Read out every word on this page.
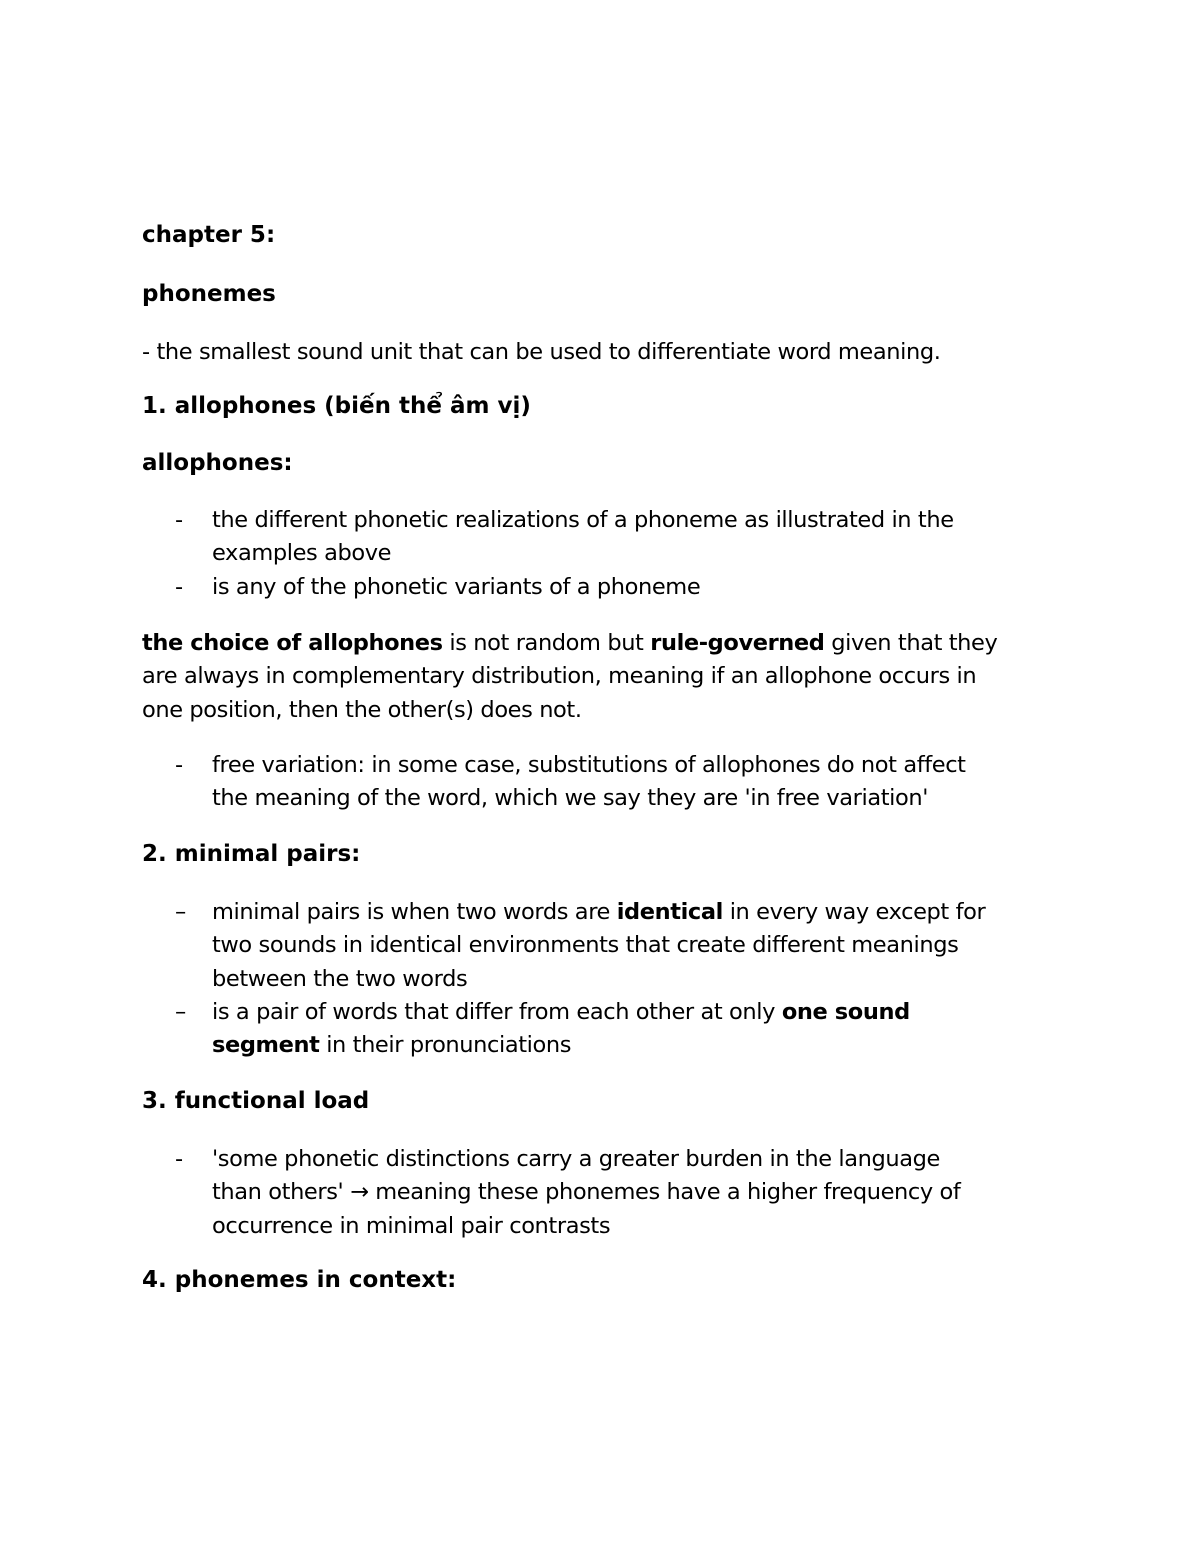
chapter 5:
phonemes
- the smallest sound unit that can be used to differentiate word meaning.
1. allophones (biến thể âm vị)
allophones:
- the different phonetic realizations of a phoneme as illustrated in the
examples above
- is any of the phonetic variants of a phoneme
the choice of allophones is not random but rule-governed given that they
are always in complementary distribution, meaning if an allophone occurs in
one position, then the other(s) does not.
- free variation: in some case, substitutions of allophones do not affect
the meaning of the word, which we say they are 'in free variation'
2. minimal pairs:
– minimal pairs is when two words are identical in every way except for
two sounds in identical environments that create different meanings
between the two words
– is a pair of words that differ from each other at only one sound
segment in their pronunciations
3. functional load
- 'some phonetic distinctions carry a greater burden in the language
than others' → meaning these phonemes have a higher frequency of
occurrence in minimal pair contrasts
4. phonemes in context:
